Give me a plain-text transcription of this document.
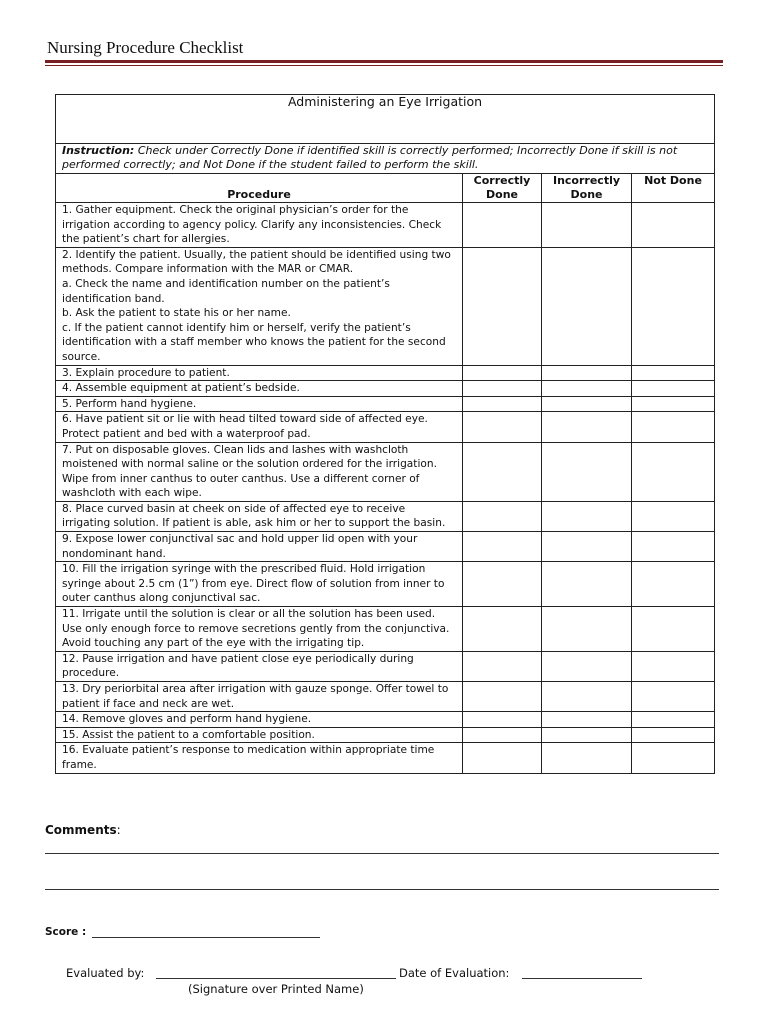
Nursing Procedure Checklist
Administering an Eye Irrigation			
Instruction: Check under Correctly Done if identified skill is correctly performed; Incorrectly Done if skill is not performed correctly; and Not Done if the student failed to perform the skill.			
Procedure	Correctly Done	Incorrectly Done	Not Done
1. Gather equipment. Check the original physician’s order for the irrigation according to agency policy. Clarify any inconsistencies. Check the patient’s chart for allergies.			
2. Identify the patient. Usually, the patient should be identified using two methods. Compare information with the MAR or CMAR.
a. Check the name and identification number on the patient’s identification band.
b. Ask the patient to state his or her name.
c. If the patient cannot identify him or herself, verify the patient’s identification with a staff member who knows the patient for the second source.			
3. Explain procedure to patient.			
4. Assemble equipment at patient’s bedside.			
5. Perform hand hygiene.			
6. Have patient sit or lie with head tilted toward side of affected eye. Protect patient and bed with a waterproof pad.			
7. Put on disposable gloves. Clean lids and lashes with washcloth moistened with normal saline or the solution ordered for the irrigation. Wipe from inner canthus to outer canthus. Use a different corner of washcloth with each wipe.			
8. Place curved basin at cheek on side of affected eye to receive irrigating solution. If patient is able, ask him or her to support the basin.			
9. Expose lower conjunctival sac and hold upper lid open with your nondominant hand.			
10. Fill the irrigation syringe with the prescribed fluid. Hold irrigation syringe about 2.5 cm (1”) from eye. Direct flow of solution from inner to outer canthus along conjunctival sac.			
11. Irrigate until the solution is clear or all the solution has been used. Use only enough force to remove secretions gently from the conjunctiva. Avoid touching any part of the eye with the irrigating tip.			
12. Pause irrigation and have patient close eye periodically during procedure.			
13. Dry periorbital area after irrigation with gauze sponge. Offer towel to patient if face and neck are wet.			
14. Remove gloves and perform hand hygiene.			
15. Assist the patient to a comfortable position.			
16. Evaluate patient’s response to medication within appropriate time frame.			
Comments:
Score :
Evaluated by:	Date of Evaluation:
(Signature over Printed Name)
